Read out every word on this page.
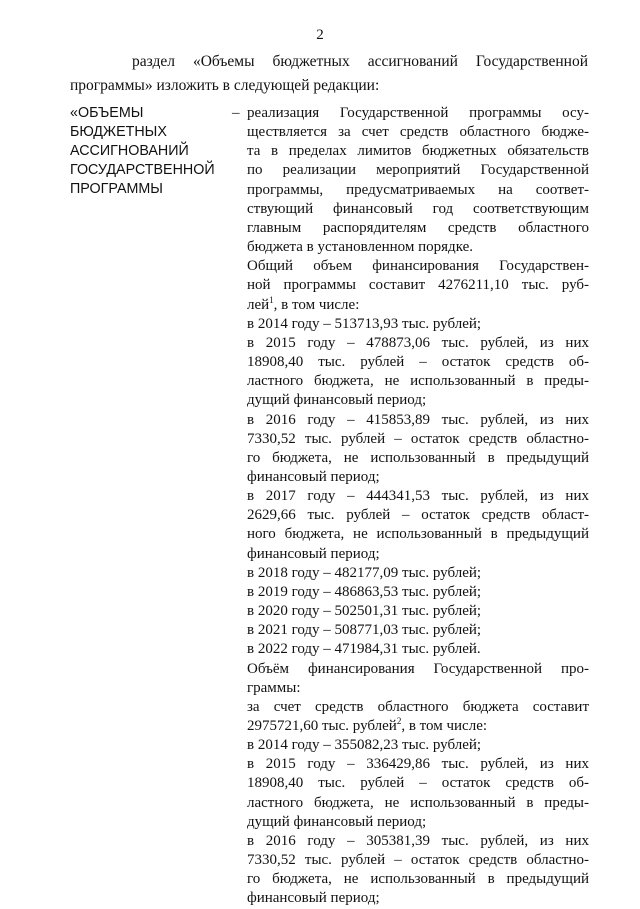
2
раздел «Объемы бюджетных ассигнований Государственной
программы» изложить в следующей редакции:
«ОБЪЕМЫ
БЮДЖЕТНЫХ
АССИГНОВАНИЙ
ГОСУДАРСТВЕННОЙ
ПРОГРАММЫ
– реализация Государственной программы осу-
ществляется за счет средств областного бюдже-
та в пределах лимитов бюджетных обязательств
по реализации мероприятий Государственной
программы, предусматриваемых на соответ-
ствующий финансовый год соответствующим
главным распорядителям средств областного
бюджета в установленном порядке.
Общий объем финансирования Государствен-
ной программы составит 4276211,10 тыс. руб-
лей$^1$, в том числе:
в 2014 году – 513713,93 тыс. рублей;
в 2015 году – 478873,06 тыс. рублей, из них
18908,40 тыс. рублей – остаток средств об-
ластного бюджета, не использованный в преды-
дущий финансовый период;
в 2016 году – 415853,89 тыс. рублей, из них
7330,52 тыс. рублей – остаток средств областно-
го бюджета, не использованный в предыдущий
финансовый период;
в 2017 году – 444341,53 тыс. рублей, из них
2629,66 тыс. рублей – остаток средств област-
ного бюджета, не использованный в предыдущий
финансовый период;
в 2018 году – 482177,09 тыс. рублей;
в 2019 году – 486863,53 тыс. рублей;
в 2020 году – 502501,31 тыс. рублей;
в 2021 году – 508771,03 тыс. рублей;
в 2022 году – 471984,31 тыс. рублей.
Объём финансирования Государственной про-
граммы:
за счет средств областного бюджета составит
2975721,60 тыс. рублей$^2$, в том числе:
в 2014 году – 355082,23 тыс. рублей;
в 2015 году – 336429,86 тыс. рублей, из них
18908,40 тыс. рублей – остаток средств об-
ластного бюджета, не использованный в преды-
дущий финансовый период;
в 2016 году – 305381,39 тыс. рублей, из них
7330,52 тыс. рублей – остаток средств областно-
го бюджета, не использованный в предыдущий
финансовый период;
